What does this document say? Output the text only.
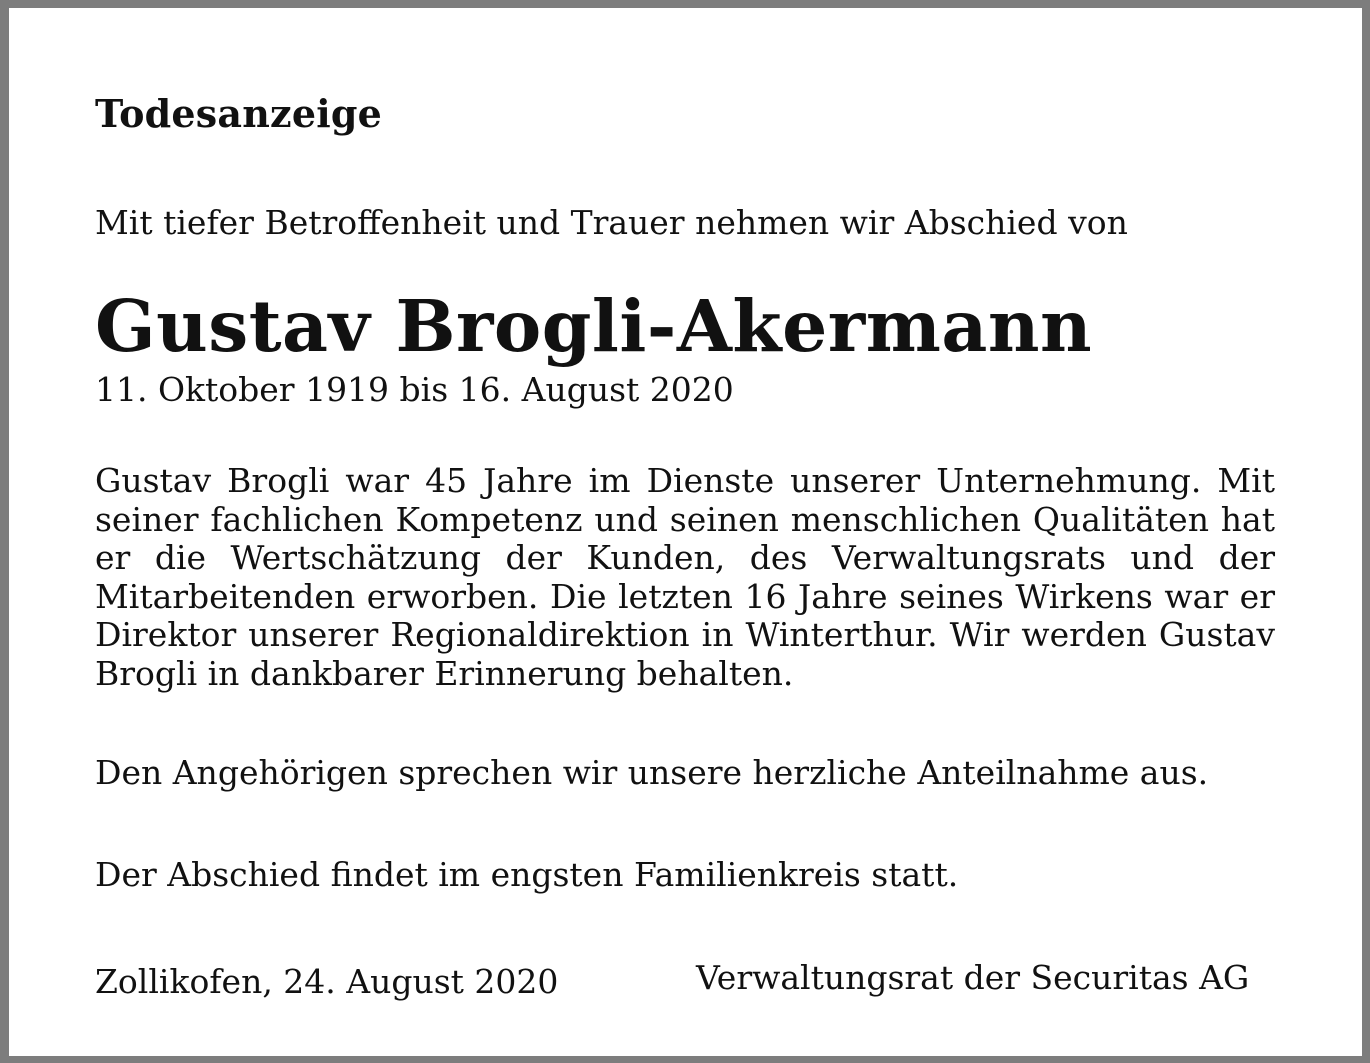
Todesanzeige

Mit tiefer Betroffenheit und Trauer nehmen wir Abschied von

Gustav Brogli-Akermann

11. Oktober 1919 bis 16. August 2020

Gustav Brogli war 45 Jahre im Dienste unserer Unternehmung. Mit
seiner fachlichen Kompetenz und seinen menschlichen Qualitäten hat
er die Wertschätzung der Kunden, des Verwaltungsrats und der
Mitarbeitenden erworben. Die letzten 16 Jahre seines Wirkens war er
Direktor unserer Regionaldirektion in Winterthur. Wir werden Gustav
Brogli in dankbarer Erinnerung behalten.

Den Angehörigen sprechen wir unsere herzliche Anteilnahme aus.

Der Abschied findet im engsten Familienkreis statt.

Zollikofen, 24. August 2020	Verwaltungsrat der Securitas AG
